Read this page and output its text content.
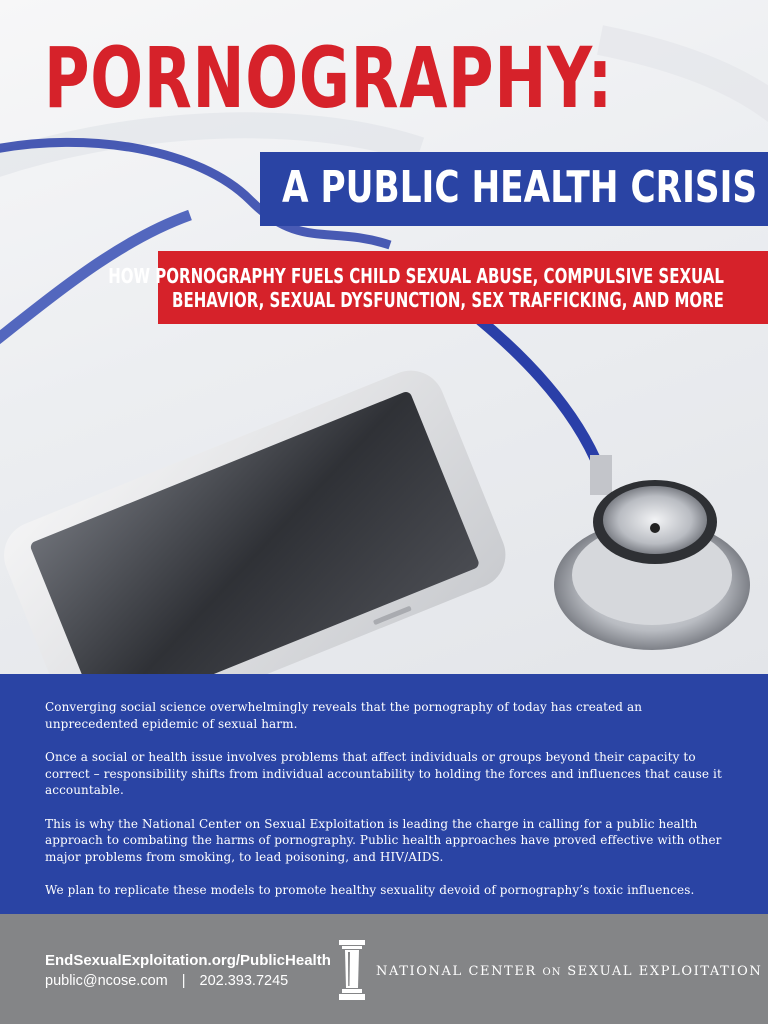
PORNOGRAPHY:
A PUBLIC HEALTH CRISIS
HOW PORNOGRAPHY FUELS CHILD SEXUAL ABUSE, COMPULSIVE SEXUAL
BEHAVIOR, SEXUAL DYSFUNCTION, SEX TRAFFICKING, AND MORE

Converging social science overwhelmingly reveals that the pornography of today has created an unprecedented epidemic of sexual harm.

Once a social or health issue involves problems that affect individuals or groups beyond their capacity to correct – responsibility shifts from individual accountability to holding the forces and influences that cause it accountable.

This is why the National Center on Sexual Exploitation is leading the charge in calling for a public health approach to combating the harms of pornography. Public health approaches have proved effective with other major problems from smoking, to lead poisoning, and HIV/AIDS.

We plan to replicate these models to promote healthy sexuality devoid of pornography’s toxic influences.

EndSexualExploitation.org/PublicHealth
public@ncose.com | 202.393.7245
NATIONAL CENTER ON SEXUAL EXPLOITATION
